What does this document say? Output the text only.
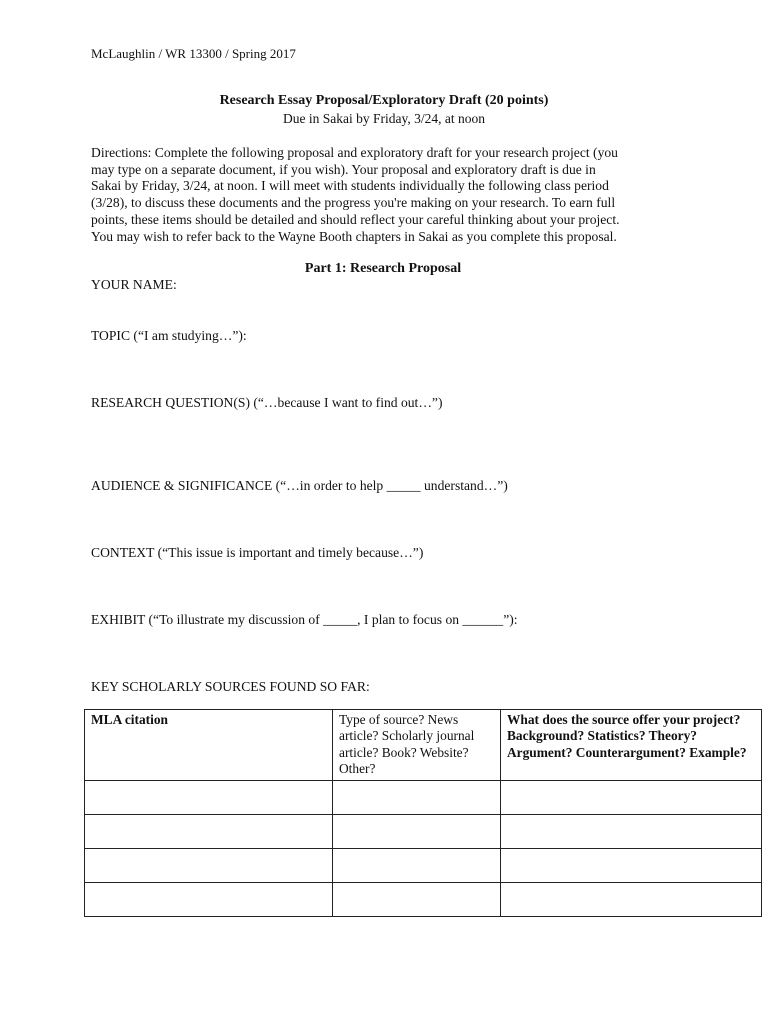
McLaughlin / WR 13300 / Spring 2017
Research Essay Proposal/Exploratory Draft (20 points)
Due in Sakai by Friday, 3/24, at noon
Directions: Complete the following proposal and exploratory draft for your research project (you
may type on a separate document, if you wish). Your proposal and exploratory draft is due in
Sakai by Friday, 3/24, at noon. I will meet with students individually the following class period
(3/28), to discuss these documents and the progress you're making on your research. To earn full
points, these items should be detailed and should reflect your careful thinking about your project.
You may wish to refer back to the Wayne Booth chapters in Sakai as you complete this proposal.
Part 1: Research Proposal
YOUR NAME:
TOPIC (“I am studying…”):
RESEARCH QUESTION(S) (“…because I want to find out…”)
AUDIENCE & SIGNIFICANCE (“…in order to help _____ understand…”)
CONTEXT (“This issue is important and timely because…”)
EXHIBIT (“To illustrate my discussion of _____, I plan to focus on ______”):
KEY SCHOLARLY SOURCES FOUND SO FAR:
MLA citation	Type of source? News article? Scholarly journal article? Book? Website? Other?	What does the source offer your project? Background? Statistics? Theory? Argument? Counterargument? Example?
